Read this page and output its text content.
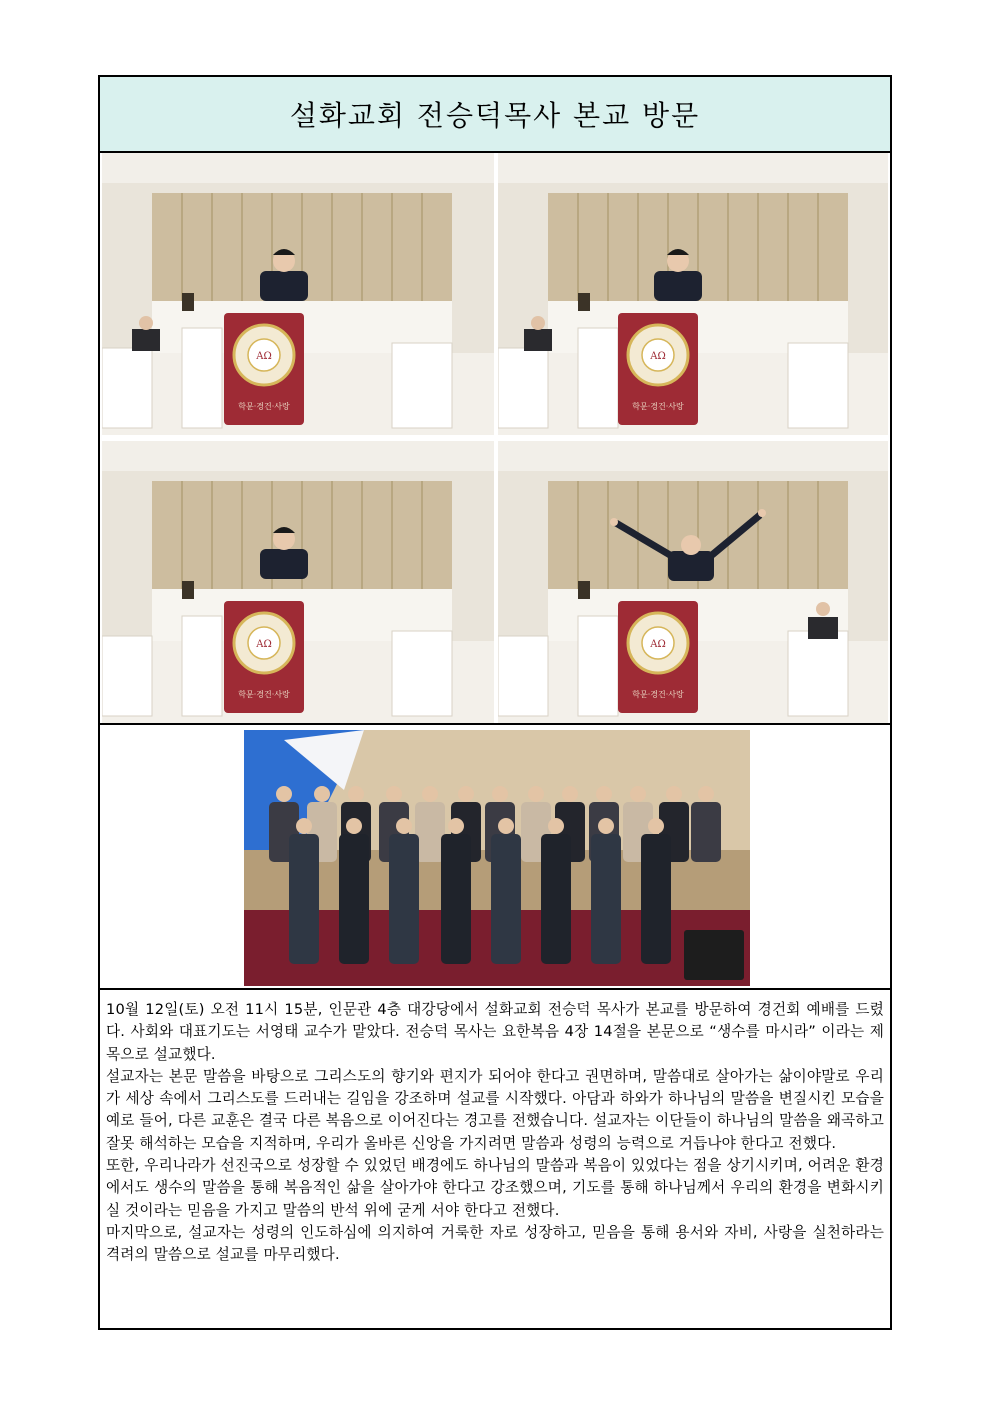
설화교회 전승덕목사 본교 방문

10월 12일(토) 오전 11시 15분, 인문관 4층 대강당에서 설화교회 전승덕 목사가 본교를 방문하여 경건회 예배를 드렸다. 사회와 대표기도는 서영태 교수가 맡았다. 전승덕 목사는 요한복음 4장 14절을 본문으로 “생수를 마시라” 이라는 제목으로 설교했다.

설교자는 본문 말씀을 바탕으로 그리스도의 향기와 편지가 되어야 한다고 권면하며, 말씀대로 살아가는 삶이야말로 우리가 세상 속에서 그리스도를 드러내는 길임을 강조하며 설교를 시작했다. 아담과 하와가 하나님의 말씀을 변질시킨 모습을 예로 들어, 다른 교훈은 결국 다른 복음으로 이어진다는 경고를 전했습니다. 설교자는 이단들이 하나님의 말씀을 왜곡하고 잘못 해석하는 모습을 지적하며, 우리가 올바른 신앙을 가지려면 말씀과 성령의 능력으로 거듭나야 한다고 전했다.

또한, 우리나라가 선진국으로 성장할 수 있었던 배경에도 하나님의 말씀과 복음이 있었다는 점을 상기시키며, 어려운 환경에서도 생수의 말씀을 통해 복음적인 삶을 살아가야 한다고 강조했으며, 기도를 통해 하나님께서 우리의 환경을 변화시키실 것이라는 믿음을 가지고 말씀의 반석 위에 굳게 서야 한다고 전했다.

마지막으로, 설교자는 성령의 인도하심에 의지하여 거룩한 자로 성장하고, 믿음을 통해 용서와 자비, 사랑을 실천하라는 격려의 말씀으로 설교를 마무리했다.
